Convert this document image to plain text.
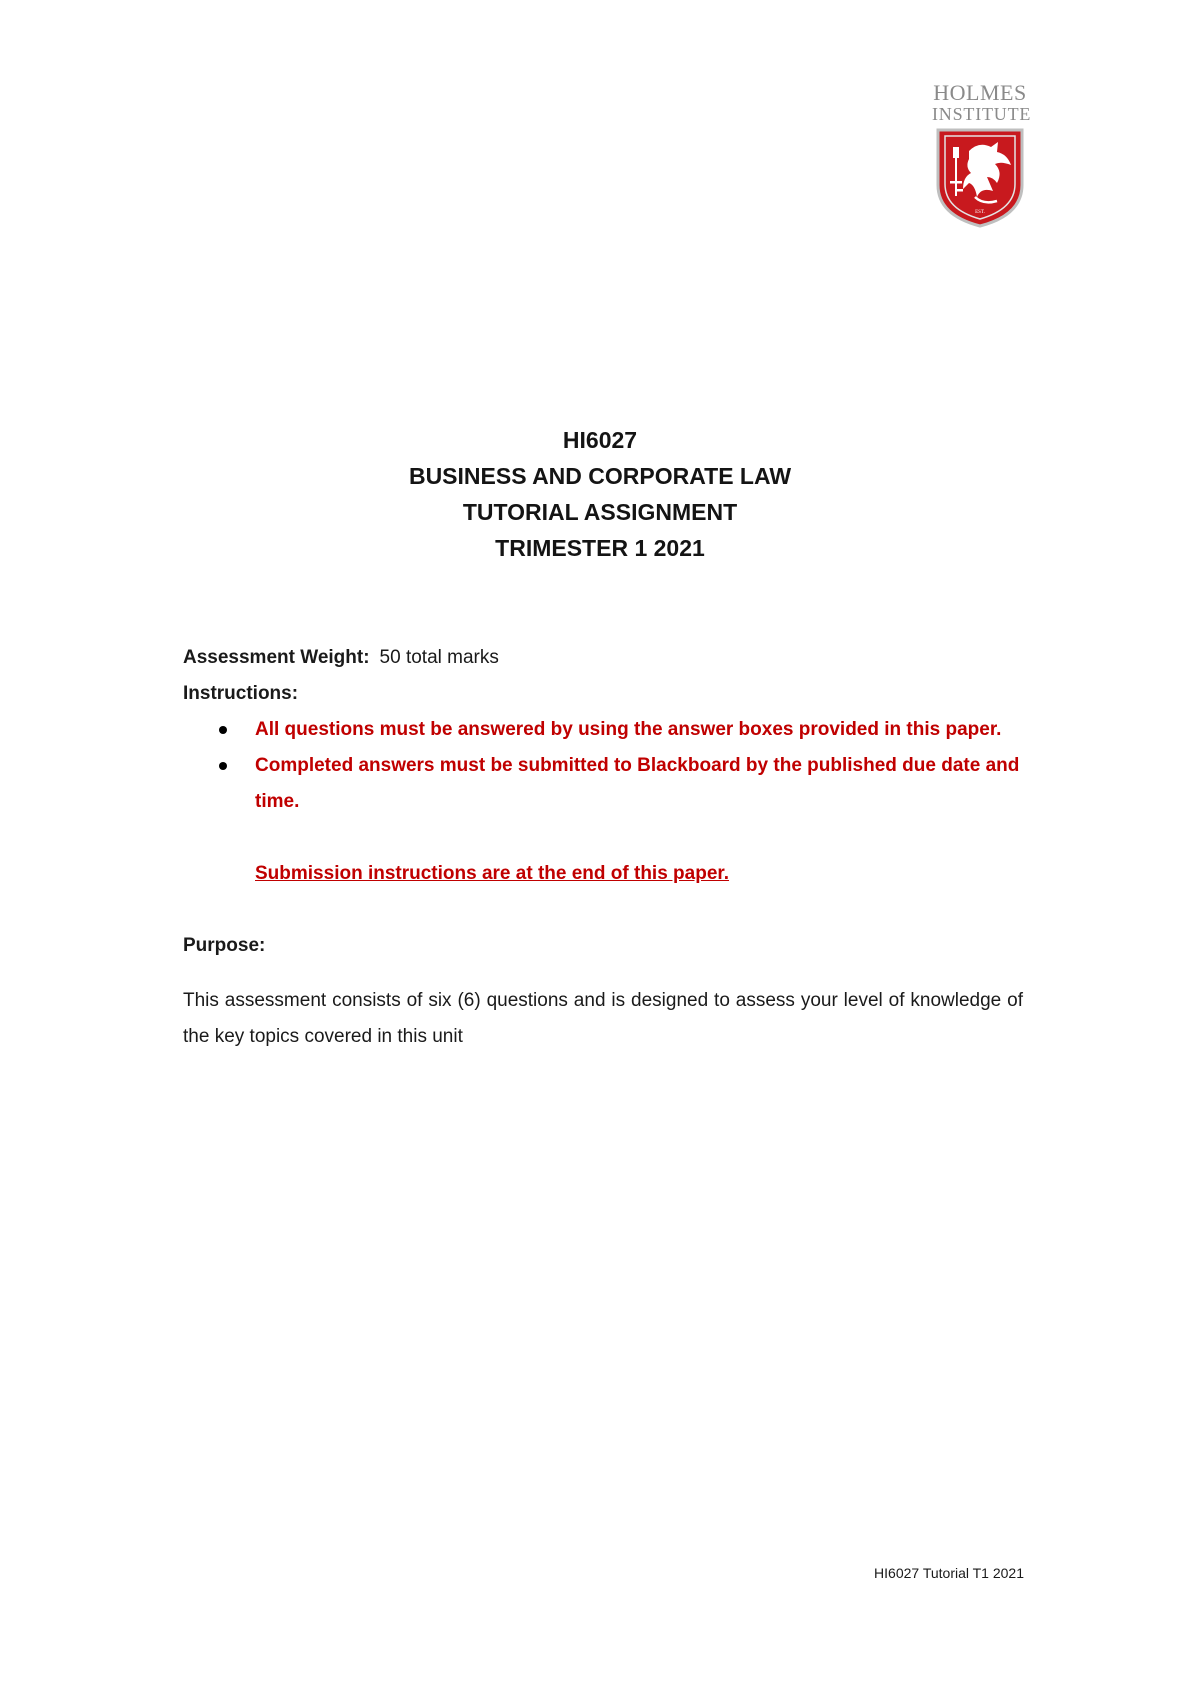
HOLMES

INSTITUTE

EST.
HI6027
BUSINESS AND CORPORATE LAW
TUTORIAL ASSIGNMENT
TRIMESTER 1 2021

Assessment Weight: 50 total marks

Instructions:

All questions must be answered by using the answer boxes provided in this paper.
Completed answers must be submitted to Blackboard by the published due date and time.

Submission instructions are at the end of this paper.

Purpose:

This assessment consists of six (6) questions and is designed to assess your level of knowledge of the key topics covered in this unit

HI6027 Tutorial T1 2021
